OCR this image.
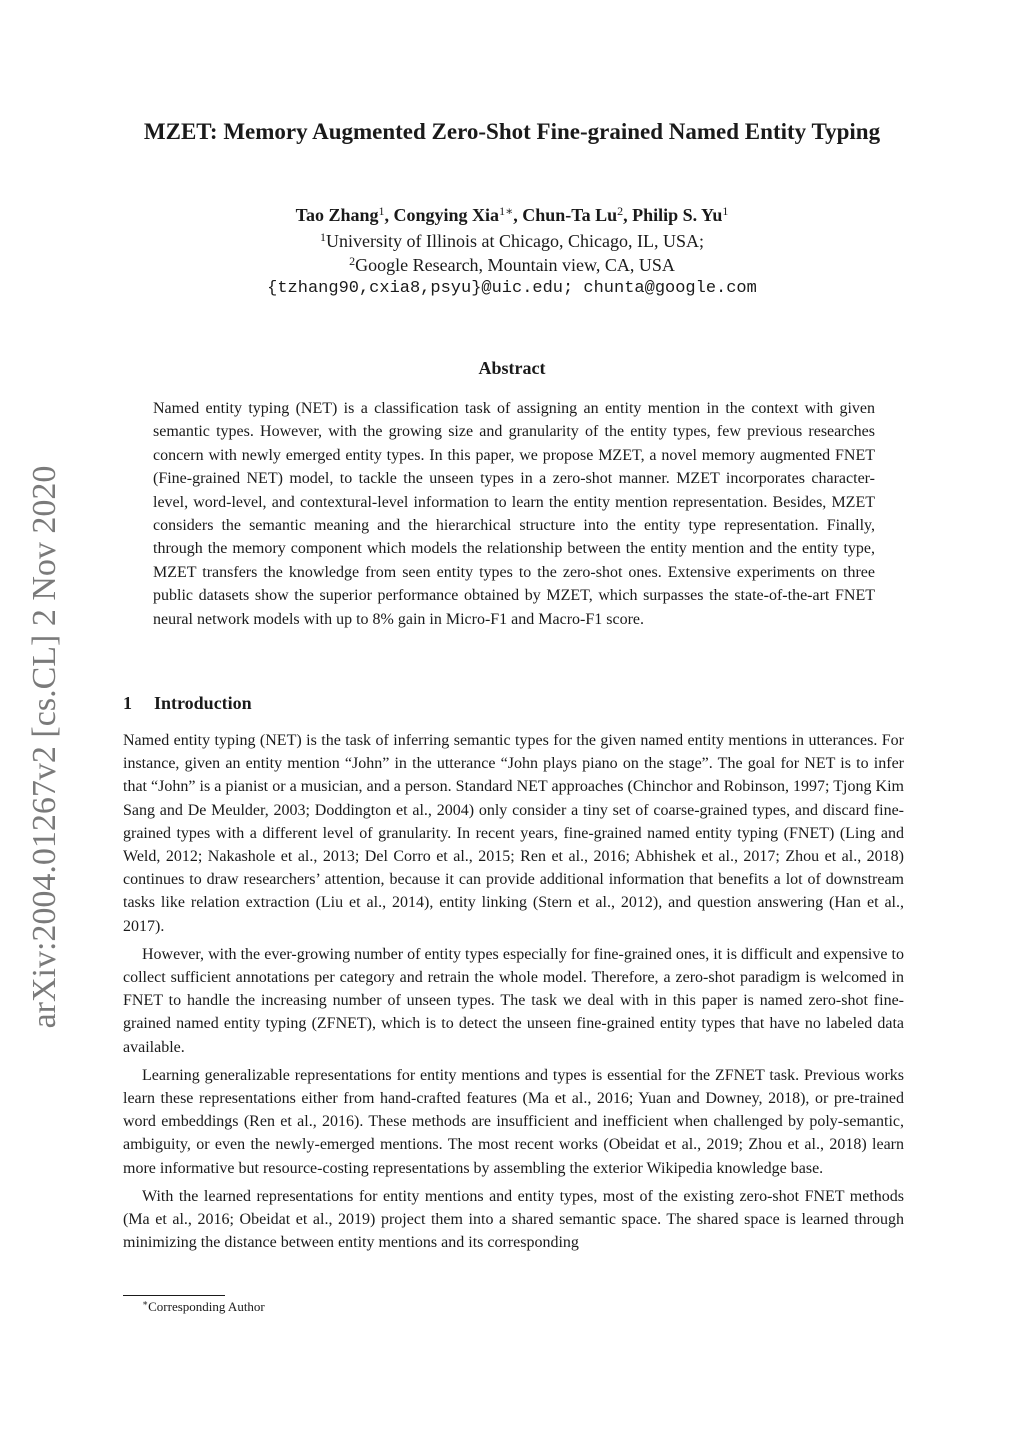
MZET: Memory Augmented Zero-Shot Fine-grained Named Entity Typing
Tao Zhang$^1$, Congying Xia$^{1∗}$, Chun-Ta Lu$^2$, Philip S. Yu$^1$
$^1$University of Illinois at Chicago, Chicago, IL, USA;
$^2$Google Research, Mountain view, CA, USA
{tzhang90,cxia8,psyu}@uic.edu; chunta@google.com
Abstract

Named entity typing (NET) is a classification task of assigning an entity mention in the context with given semantic types. However, with the growing size and granularity of the entity types, few previous researches concern with newly emerged entity types. In this paper, we propose MZET, a novel memory augmented FNET (Fine-grained NET) model, to tackle the unseen types in a zero-shot manner. MZET incorporates character-level, word-level, and contextural-level information to learn the entity mention representation. Besides, MZET considers the semantic meaning and the hierarchical structure into the entity type representation. Finally, through the memory component which models the relationship between the entity mention and the entity type, MZET transfers the knowledge from seen entity types to the zero-shot ones. Extensive experiments on three public datasets show the superior performance obtained by MZET, which surpasses the state-of-the-art FNET neural network models with up to 8% gain in Micro-F1 and Macro-F1 score.

1 Introduction

Named entity typing (NET) is the task of inferring semantic types for the given named entity mentions in utterances. For instance, given an entity mention “John” in the utterance “John plays piano on the stage”. The goal for NET is to infer that “John” is a pianist or a musician, and a person. Standard NET approaches (Chinchor and Robinson, 1997; Tjong Kim Sang and De Meulder, 2003; Doddington et al., 2004) only consider a tiny set of coarse-grained types, and discard fine-grained types with a different level of granularity. In recent years, fine-grained named entity typing (FNET) (Ling and Weld, 2012; Nakashole et al., 2013; Del Corro et al., 2015; Ren et al., 2016; Abhishek et al., 2017; Zhou et al., 2018) continues to draw researchers’ attention, because it can provide additional information that benefits a lot of downstream tasks like relation extraction (Liu et al., 2014), entity linking (Stern et al., 2012), and question answering (Han et al., 2017).

However, with the ever-growing number of entity types especially for fine-grained ones, it is difficult and expensive to collect sufficient annotations per category and retrain the whole model. Therefore, a zero-shot paradigm is welcomed in FNET to handle the increasing number of unseen types. The task we deal with in this paper is named zero-shot fine-grained named entity typing (ZFNET), which is to detect the unseen fine-grained entity types that have no labeled data available.

Learning generalizable representations for entity mentions and types is essential for the ZFNET task. Previous works learn these representations either from hand-crafted features (Ma et al., 2016; Yuan and Downey, 2018), or pre-trained word embeddings (Ren et al., 2016). These methods are insufficient and inefficient when challenged by poly-semantic, ambiguity, or even the newly-emerged mentions. The most recent works (Obeidat et al., 2019; Zhou et al., 2018) learn more informative but resource-costing representations by assembling the exterior Wikipedia knowledge base.

With the learned representations for entity mentions and entity types, most of the existing zero-shot FNET methods (Ma et al., 2016; Obeidat et al., 2019) project them into a shared semantic space. The shared space is learned through minimizing the distance between entity mentions and its corresponding

∗Corresponding Author
arXiv:2004.01267v2 [cs.CL] 2 Nov 2020
